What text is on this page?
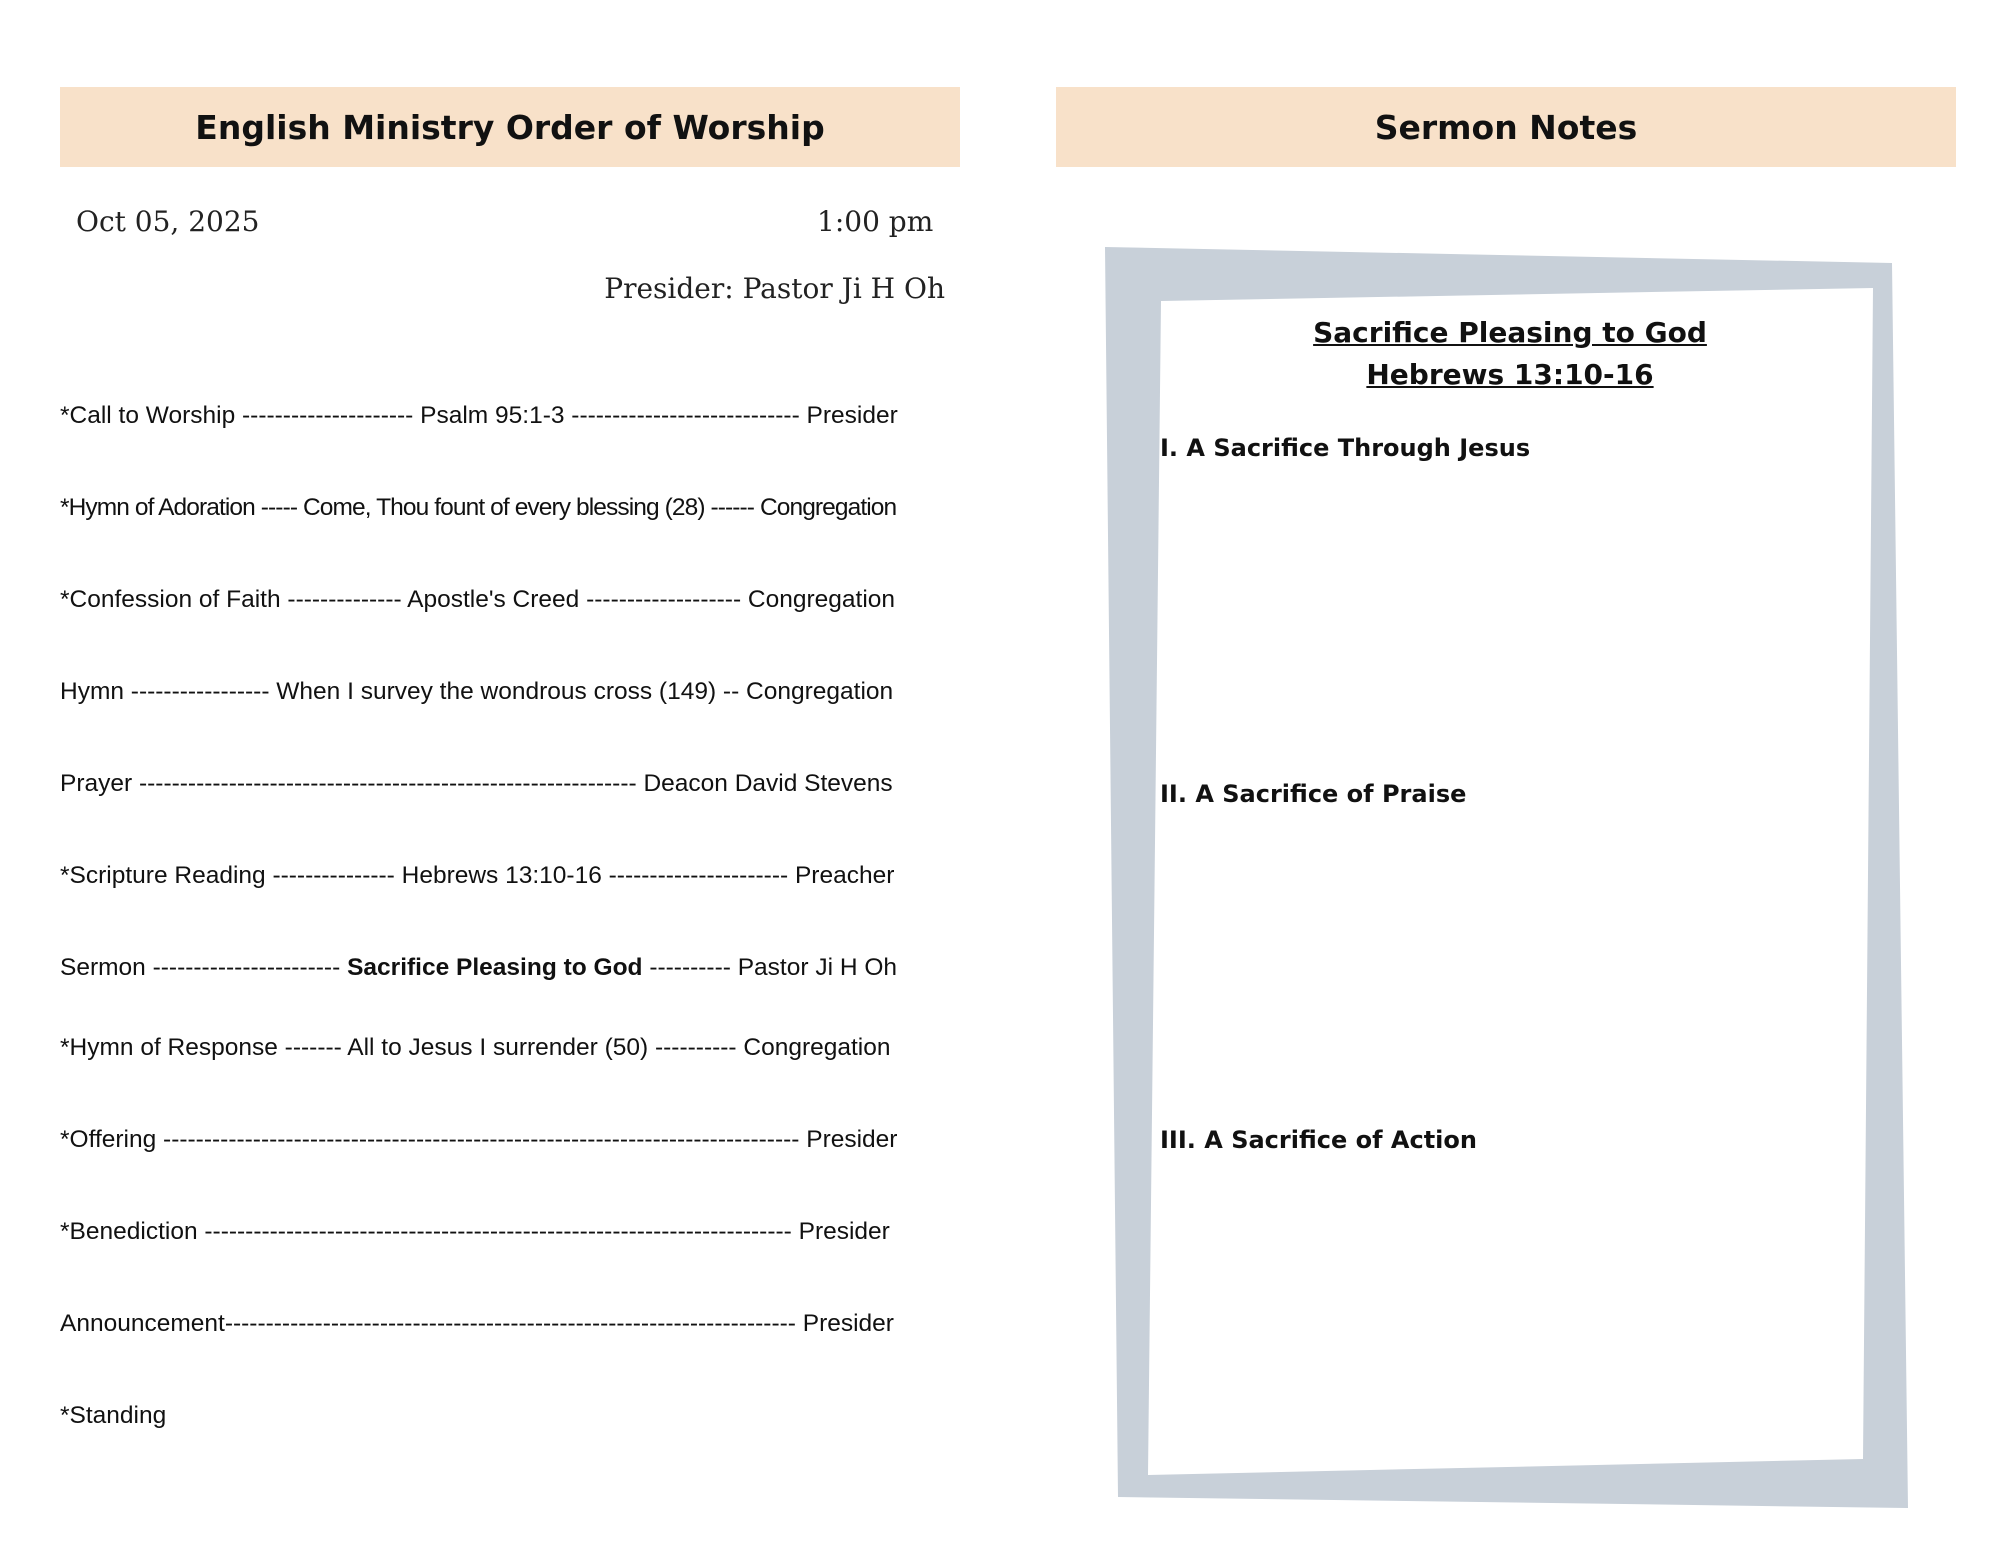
English Ministry Order of Worship
Oct 05, 2025	1:00 pm
Presider: Pastor Ji H Oh
*Call to Worship --------------------- Psalm 95:1-3 ---------------------------- Presider
*Hymn of Adoration ----- Come, Thou fount of every blessing (28) ------ Congregation
*Confession of Faith -------------- Apostle's Creed ------------------- Congregation
Hymn ----------------- When I survey the wondrous cross (149) -- Congregation
Prayer ------------------------------------------------------------- Deacon David Stevens
*Scripture Reading --------------- Hebrews 13:10-16 ---------------------- Preacher
Sermon ----------------------- Sacrifice Pleasing to God ---------- Pastor Ji H Oh
*Hymn of Response ------- All to Jesus I surrender (50) ---------- Congregation
*Offering ------------------------------------------------------------------------------ Presider
*Benediction ------------------------------------------------------------------------ Presider
Announcement---------------------------------------------------------------------- Presider
*Standing
Sermon Notes
Sacrifice Pleasing to God
Hebrews 13:10-16
I. A Sacrifice Through Jesus
II. A Sacrifice of Praise
III. A Sacrifice of Action
